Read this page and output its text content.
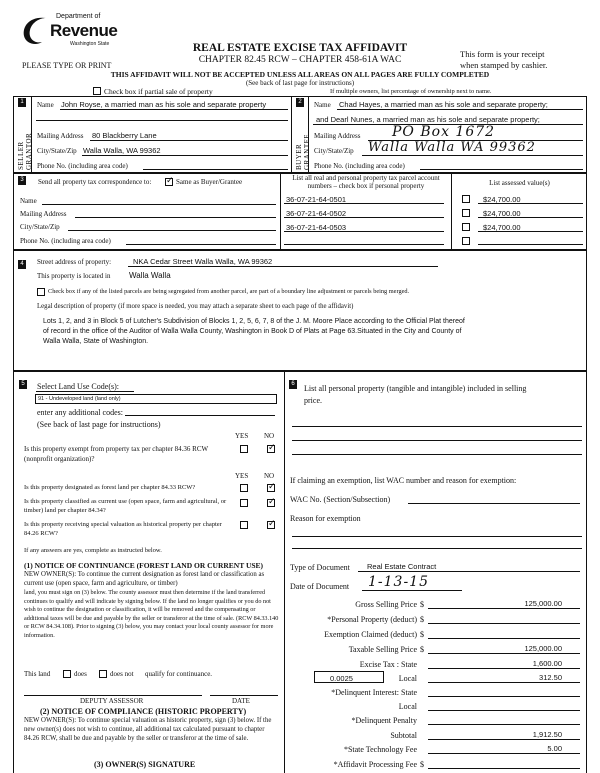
Department of
Revenue
Washington State	REAL ESTATE EXCISE TAX AFFIDAVIT
CHAPTER 82.45 RCW – CHAPTER 458-61A WAC
This form is your receipt
when stamped by cashier.
PLEASE TYPE OR PRINT
THIS AFFIDAVIT WILL NOT BE ACCEPTED UNLESS ALL AREAS ON ALL PAGES ARE FULLY COMPLETED
(See back of last page for instructions)
Check box if partial sale of property	If multiple owners, list percentage of ownership next to name.
1
SELLER GRANTOR
Name John Royse, a married man as his sole and separate property
Mailing Address 80 Blackberry Lane
City/State/Zip Walla Walla, WA 99362
Phone No. (including area code)
2
BUYER GRANTEE
Name Chad Hayes, a married man as his sole and separate property;
and Dearl Nunes, a married man as his sole and separate property;
Mailing Address PO Box 1672
City/State/Zip Walla Walla WA 99362
Phone No. (including area code)
3	Send all property tax correspondence to:
✓	Same as Buyer/Grantee
Name
Mailing Address
City/State/Zip
Phone No. (including area code)
List all real and personal property tax parcel account
numbers – check box if personal property	List assessed value(s)
36-07-21-64-0501	$24,700.00
36-07-21-64-0502	$24,700.00
36-07-21-64-0503	$24,700.00
4	Street address of property:	NKA Cedar Street Walla Walla, WA 99362
This property is located in Walla Walla
Check box if any of the listed parcels are being segregated from another parcel, are part of a boundary line adjustment or parcels being merged.
Legal description of property (if more space is needed, you may attach a separate sheet to each page of the affidavit)
Lots 1, 2, and 3 in Block 5 of Lutcher's Subdivision of Blocks 1, 2, 5, 6, 7, 8 of the J. M. Moore Place according to the Official Plat thereof
of record in the office of the Auditor of Walla Walla County, Washington in Book D of Plats at Page 63.Situated in the City and County of
Walla Walla, State of Washington.
5 Select Land Use Code(s):
91 - Undeveloped land (land only)
enter any additional codes:
(See back of last page for instructions)
YES NO
Is this property exempt from property tax per chapter 84.36 RCW (nonprofit organization)?
✓
YES NO
Is this property designated as forest land per chapter 84.33 RCW?
✓
Is this property classified as current use (open space, farm and agricultural, or timber) land per chapter 84.34?
✓
Is this property receiving special valuation as historical property per chapter 84.26 RCW?
✓
If any answers are yes, complete as instructed below.
(1) NOTICE OF CONTINUANCE (FOREST LAND OR CURRENT USE)
NEW OWNER(S): To continue the current designation as forest land or classification as current use (open space, farm and agriculture, or timber)
land, you must sign on (3) below. The county assessor must then determine if the land transferred continues to qualify and will indicate by signing below. If the land no longer qualifies or you do not wish to continue the designation or classification, it will be removed and the compensating or additional taxes will be due and payable by the seller or transferor at the time of sale. (RCW 84.33.140 or RCW 84.34.108). Prior to signing (3) below, you may contact your local county assessor for more information.
This land	does	does not qualify for continuance.
DEPUTY ASSESSOR	DATE
(2) NOTICE OF COMPLIANCE (HISTORIC PROPERTY)
NEW OWNER(S): To continue special valuation as historic property, sign (3) below. If the new owner(s) does not wish to continue, all additional tax calculated pursuant to chapter 84.26 RCW, shall be due and payable by the seller or transferor at the time of sale.
(3) OWNER(S) SIGNATURE
6 List all personal property (tangible and intangible) included in selling
price.
If claiming an exemption, list WAC number and reason for exemption:
WAC No. (Section/Subsection)
Reason for exemption
Type of Document Real Estate Contract
Date of Document 1-13-15
Gross Selling Price $	125,000.00
*Personal Property (deduct) $
Exemption Claimed (deduct) $
Taxable Selling Price $	125,000.00
Excise Tax : State	1,600.00
0.0025	Local	312.50
*Delinquent Interest: State
Local
*Delinquent Penalty
Subtotal	1,912.50
*State Technology Fee	5.00
*Affidavit Processing Fee $
